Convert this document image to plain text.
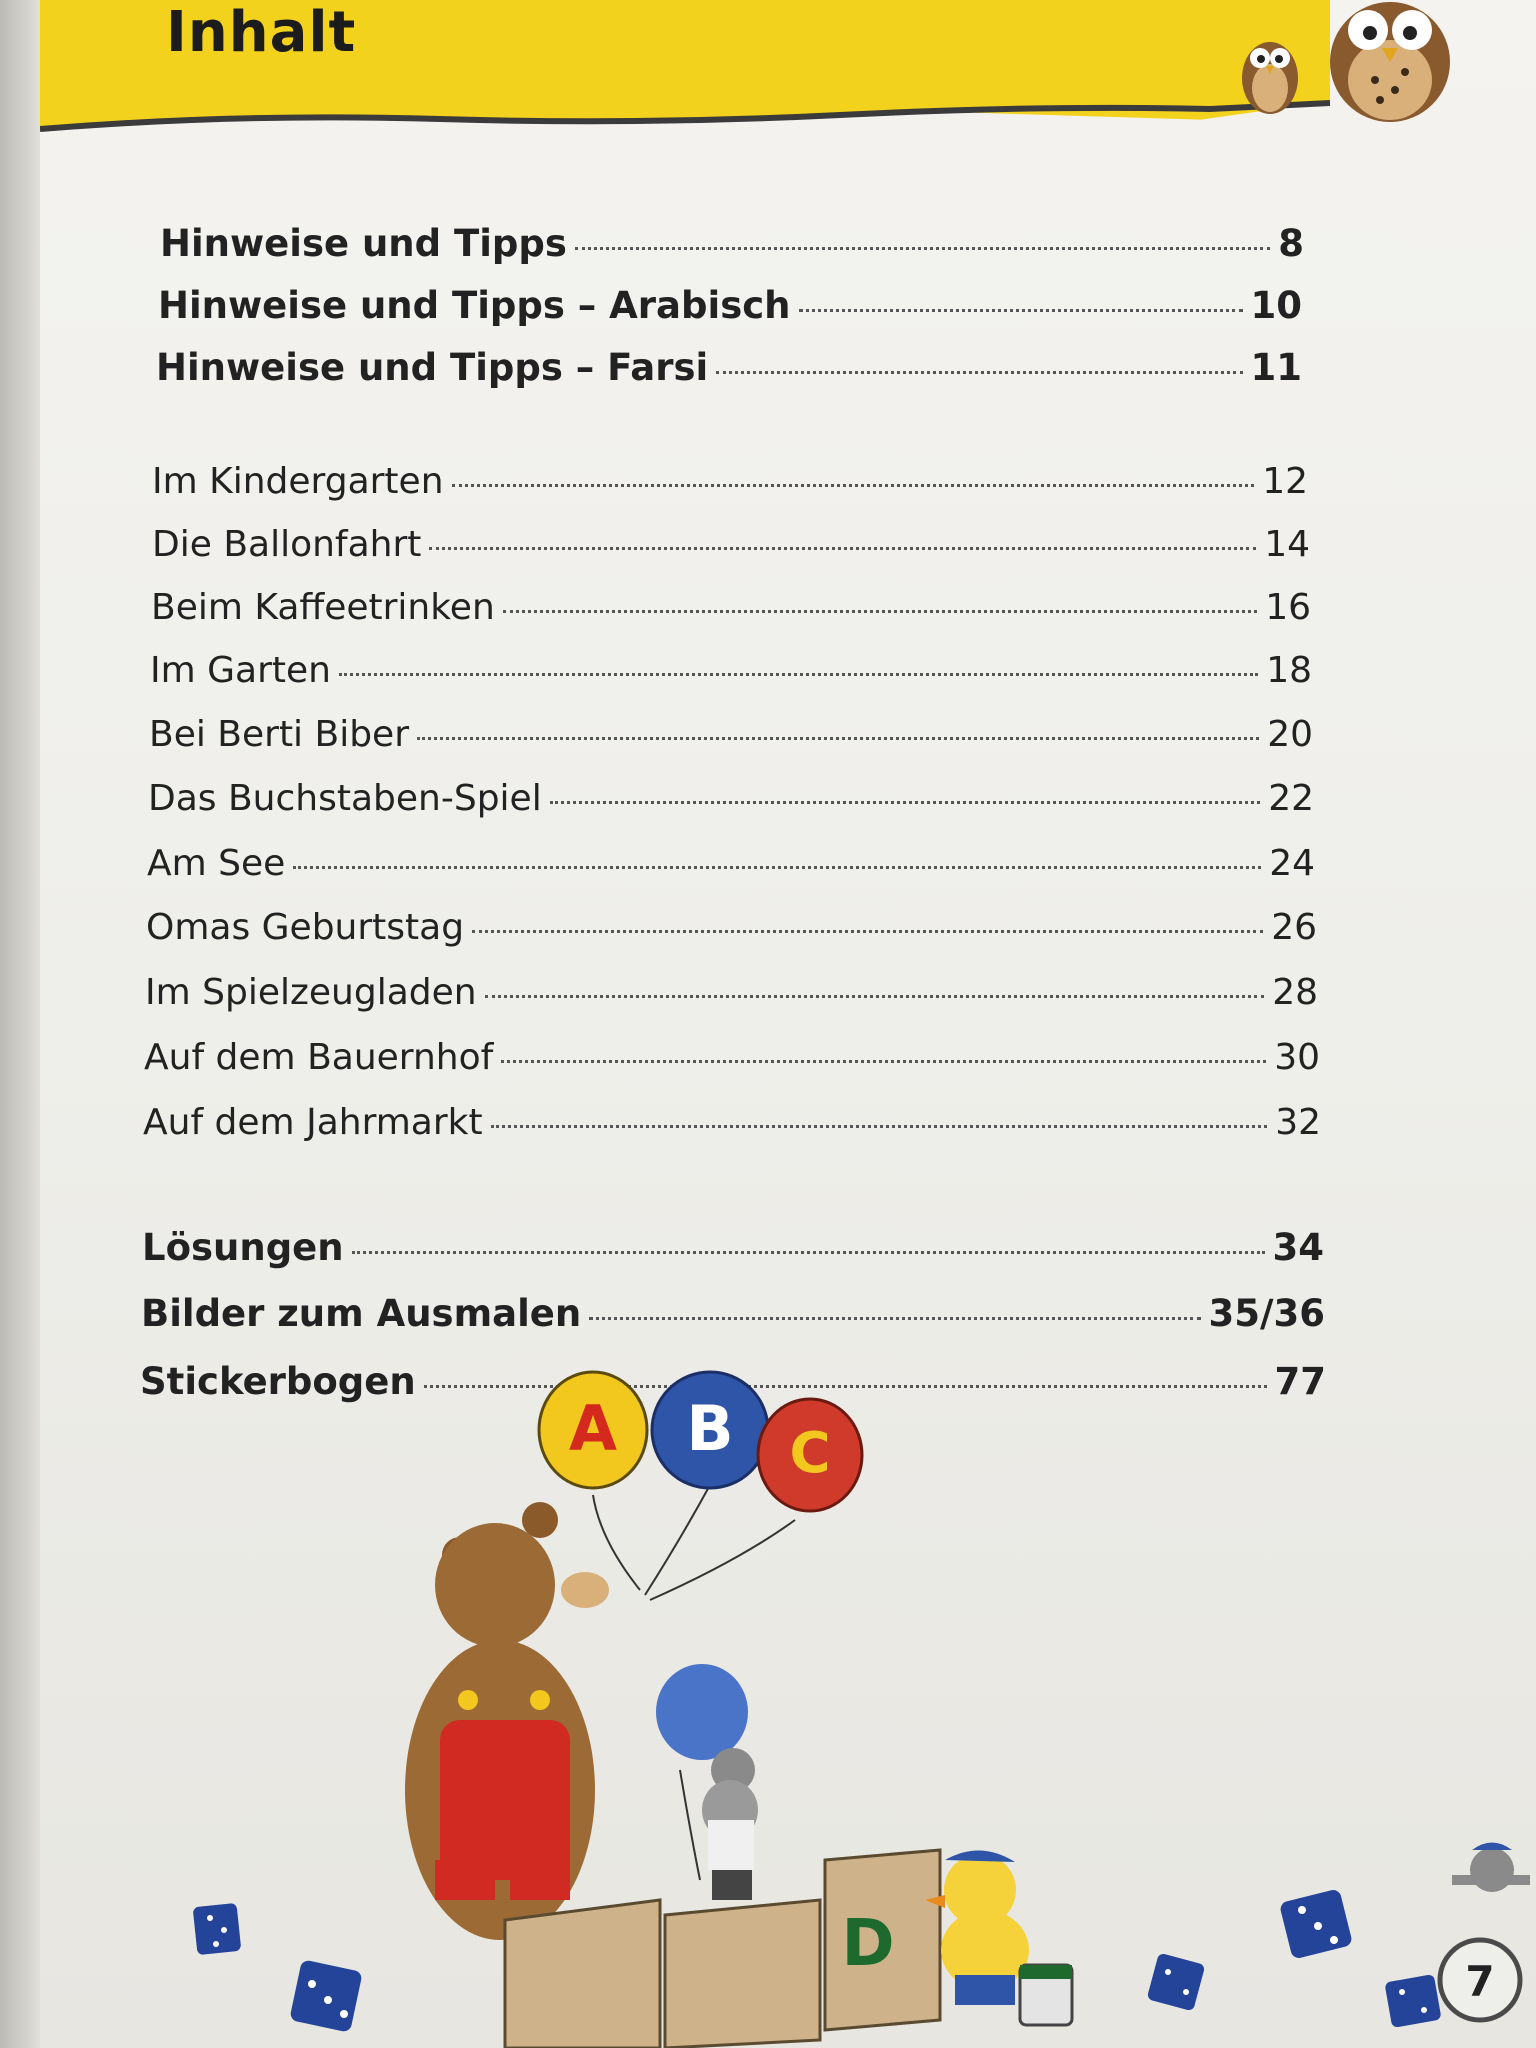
Inhalt
Hinweise und Tipps	8
Hinweise und Tipps – Arabisch	10
Hinweise und Tipps – Farsi	11
Im Kindergarten	12
Die Ballonfahrt	14
Beim Kaffeetrinken	16
Im Garten	18
Bei Berti Biber	20
Das Buchstaben-Spiel	22
Am See	24
Omas Geburtstag	26
Im Spielzeugladen	28
Auf dem Bauernhof	30
Auf dem Jahrmarkt	32
Lösungen	34
Bilder zum Ausmalen	35/36
Stickerbogen	77
A B C
D
7
